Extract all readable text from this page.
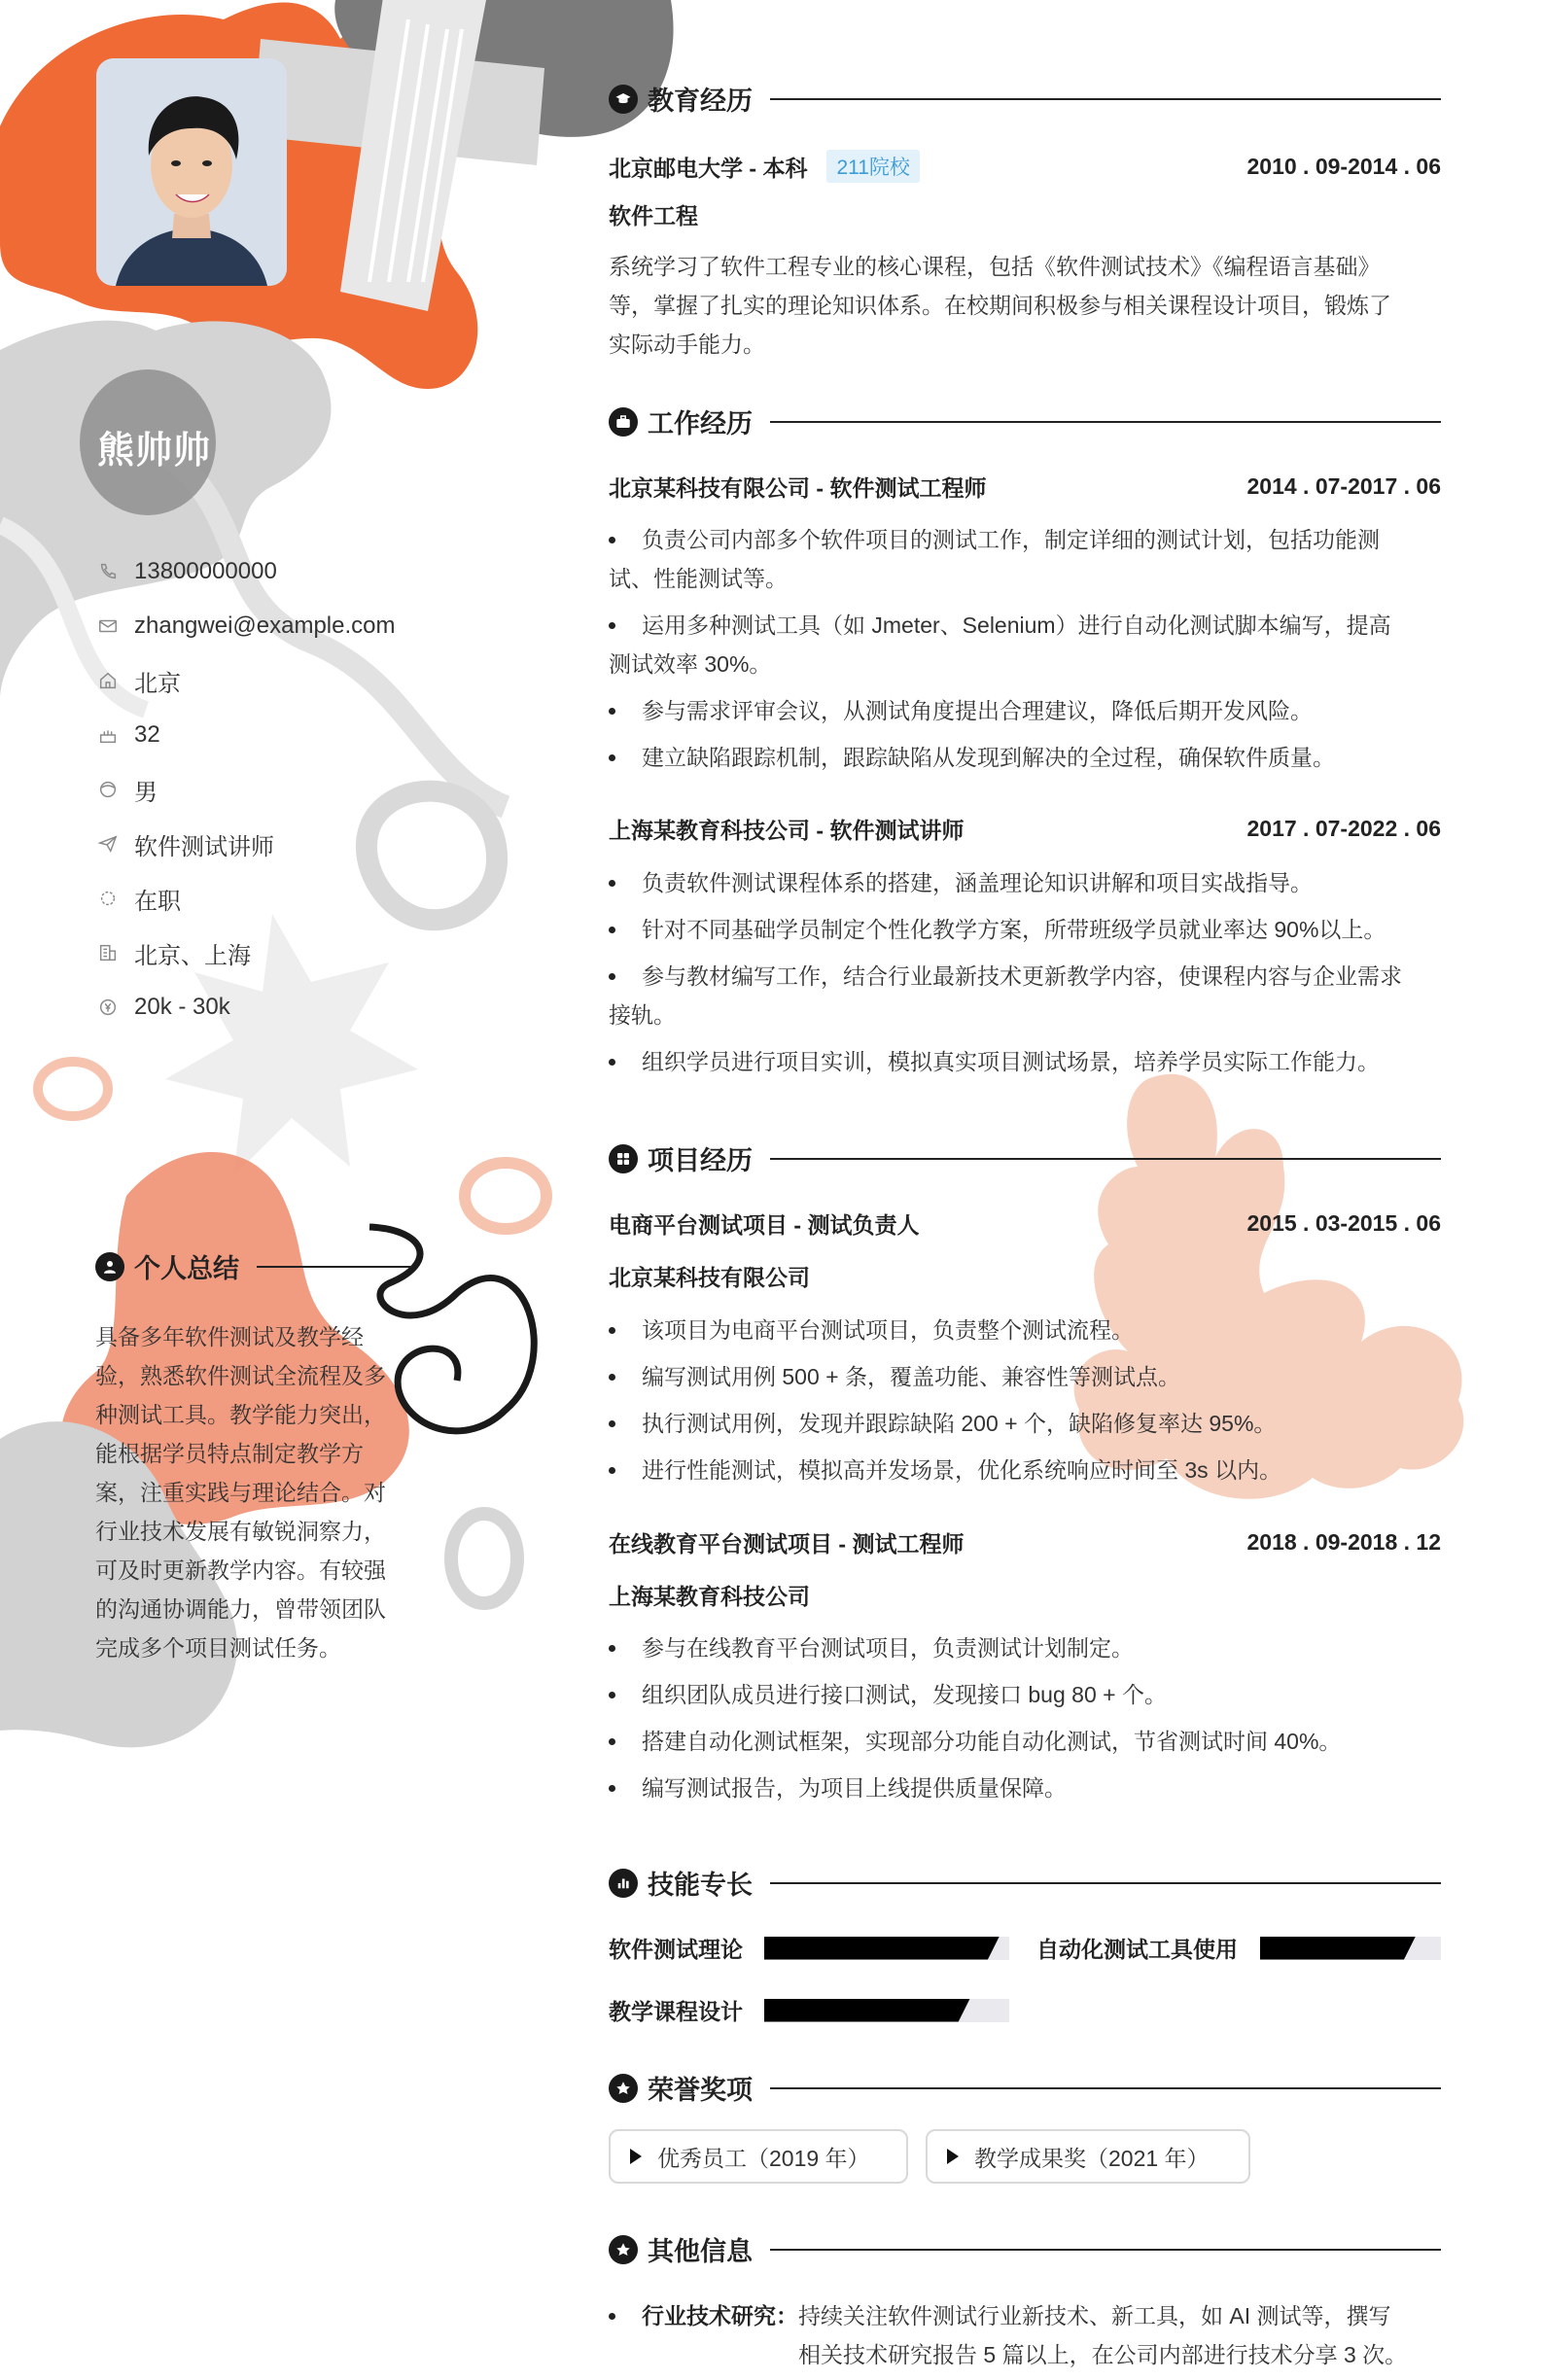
熊帅帅
13800000000
zhangwei@example.com
北京
32
男
软件测试讲师
在职
北京、上海
20k - 30k
个人总结
具备多年软件测试及教学经
验，熟悉软件测试全流程及多
种测试工具。教学能力突出，
能根据学员特点制定教学方
案，注重实践与理论结合。对
行业技术发展有敏锐洞察力，
可及时更新教学内容。有较强
的沟通协调能力，曾带领团队
完成多个项目测试任务。
教育经历
北京邮电大学 - 本科	211院校	2010 . 09-2014 . 06
软件工程
系统学习了软件工程专业的核心课程，包括《软件测试技术》《编程语言基础》
等，掌握了扎实的理论知识体系。在校期间积极参与相关课程设计项目，锻炼了
实际动手能力。
工作经历
北京某科技有限公司 - 软件测试工程师	2014 . 07-2017 . 06
负责公司内部多个软件项目的测试工作，制定详细的测试计划，包括功能测
试、性能测试等。
运用多种测试工具（如 Jmeter、Selenium）进行自动化测试脚本编写，提高
测试效率 30%。
参与需求评审会议，从测试角度提出合理建议，降低后期开发风险。
建立缺陷跟踪机制，跟踪缺陷从发现到解决的全过程，确保软件质量。
上海某教育科技公司 - 软件测试讲师	2017 . 07-2022 . 06
负责软件测试课程体系的搭建，涵盖理论知识讲解和项目实战指导。
针对不同基础学员制定个性化教学方案，所带班级学员就业率达 90%以上。
参与教材编写工作，结合行业最新技术更新教学内容，使课程内容与企业需求
接轨。
组织学员进行项目实训，模拟真实项目测试场景，培养学员实际工作能力。
项目经历
电商平台测试项目 - 测试负责人	2015 . 03-2015 . 06
北京某科技有限公司
该项目为电商平台测试项目，负责整个测试流程。
编写测试用例 500 + 条，覆盖功能、兼容性等测试点。
执行测试用例，发现并跟踪缺陷 200 + 个，缺陷修复率达 95%。
进行性能测试，模拟高并发场景，优化系统响应时间至 3s 以内。
在线教育平台测试项目 - 测试工程师	2018 . 09-2018 . 12
上海某教育科技公司
参与在线教育平台测试项目，负责测试计划制定。
组织团队成员进行接口测试，发现接口 bug 80 + 个。
搭建自动化测试框架，实现部分功能自动化测试，节省测试时间 40%。
编写测试报告，为项目上线提供质量保障。
技能专长
软件测试理论	自动化测试工具使用
教学课程设计
荣誉奖项
优秀员工（2019 年）	教学成果奖（2021 年）
其他信息
行业技术研究： 持续关注软件测试行业新技术、新工具，如 AI 测试等，撰写
相关技术研究报告 5 篇以上，在公司内部进行技术分享 3 次。
